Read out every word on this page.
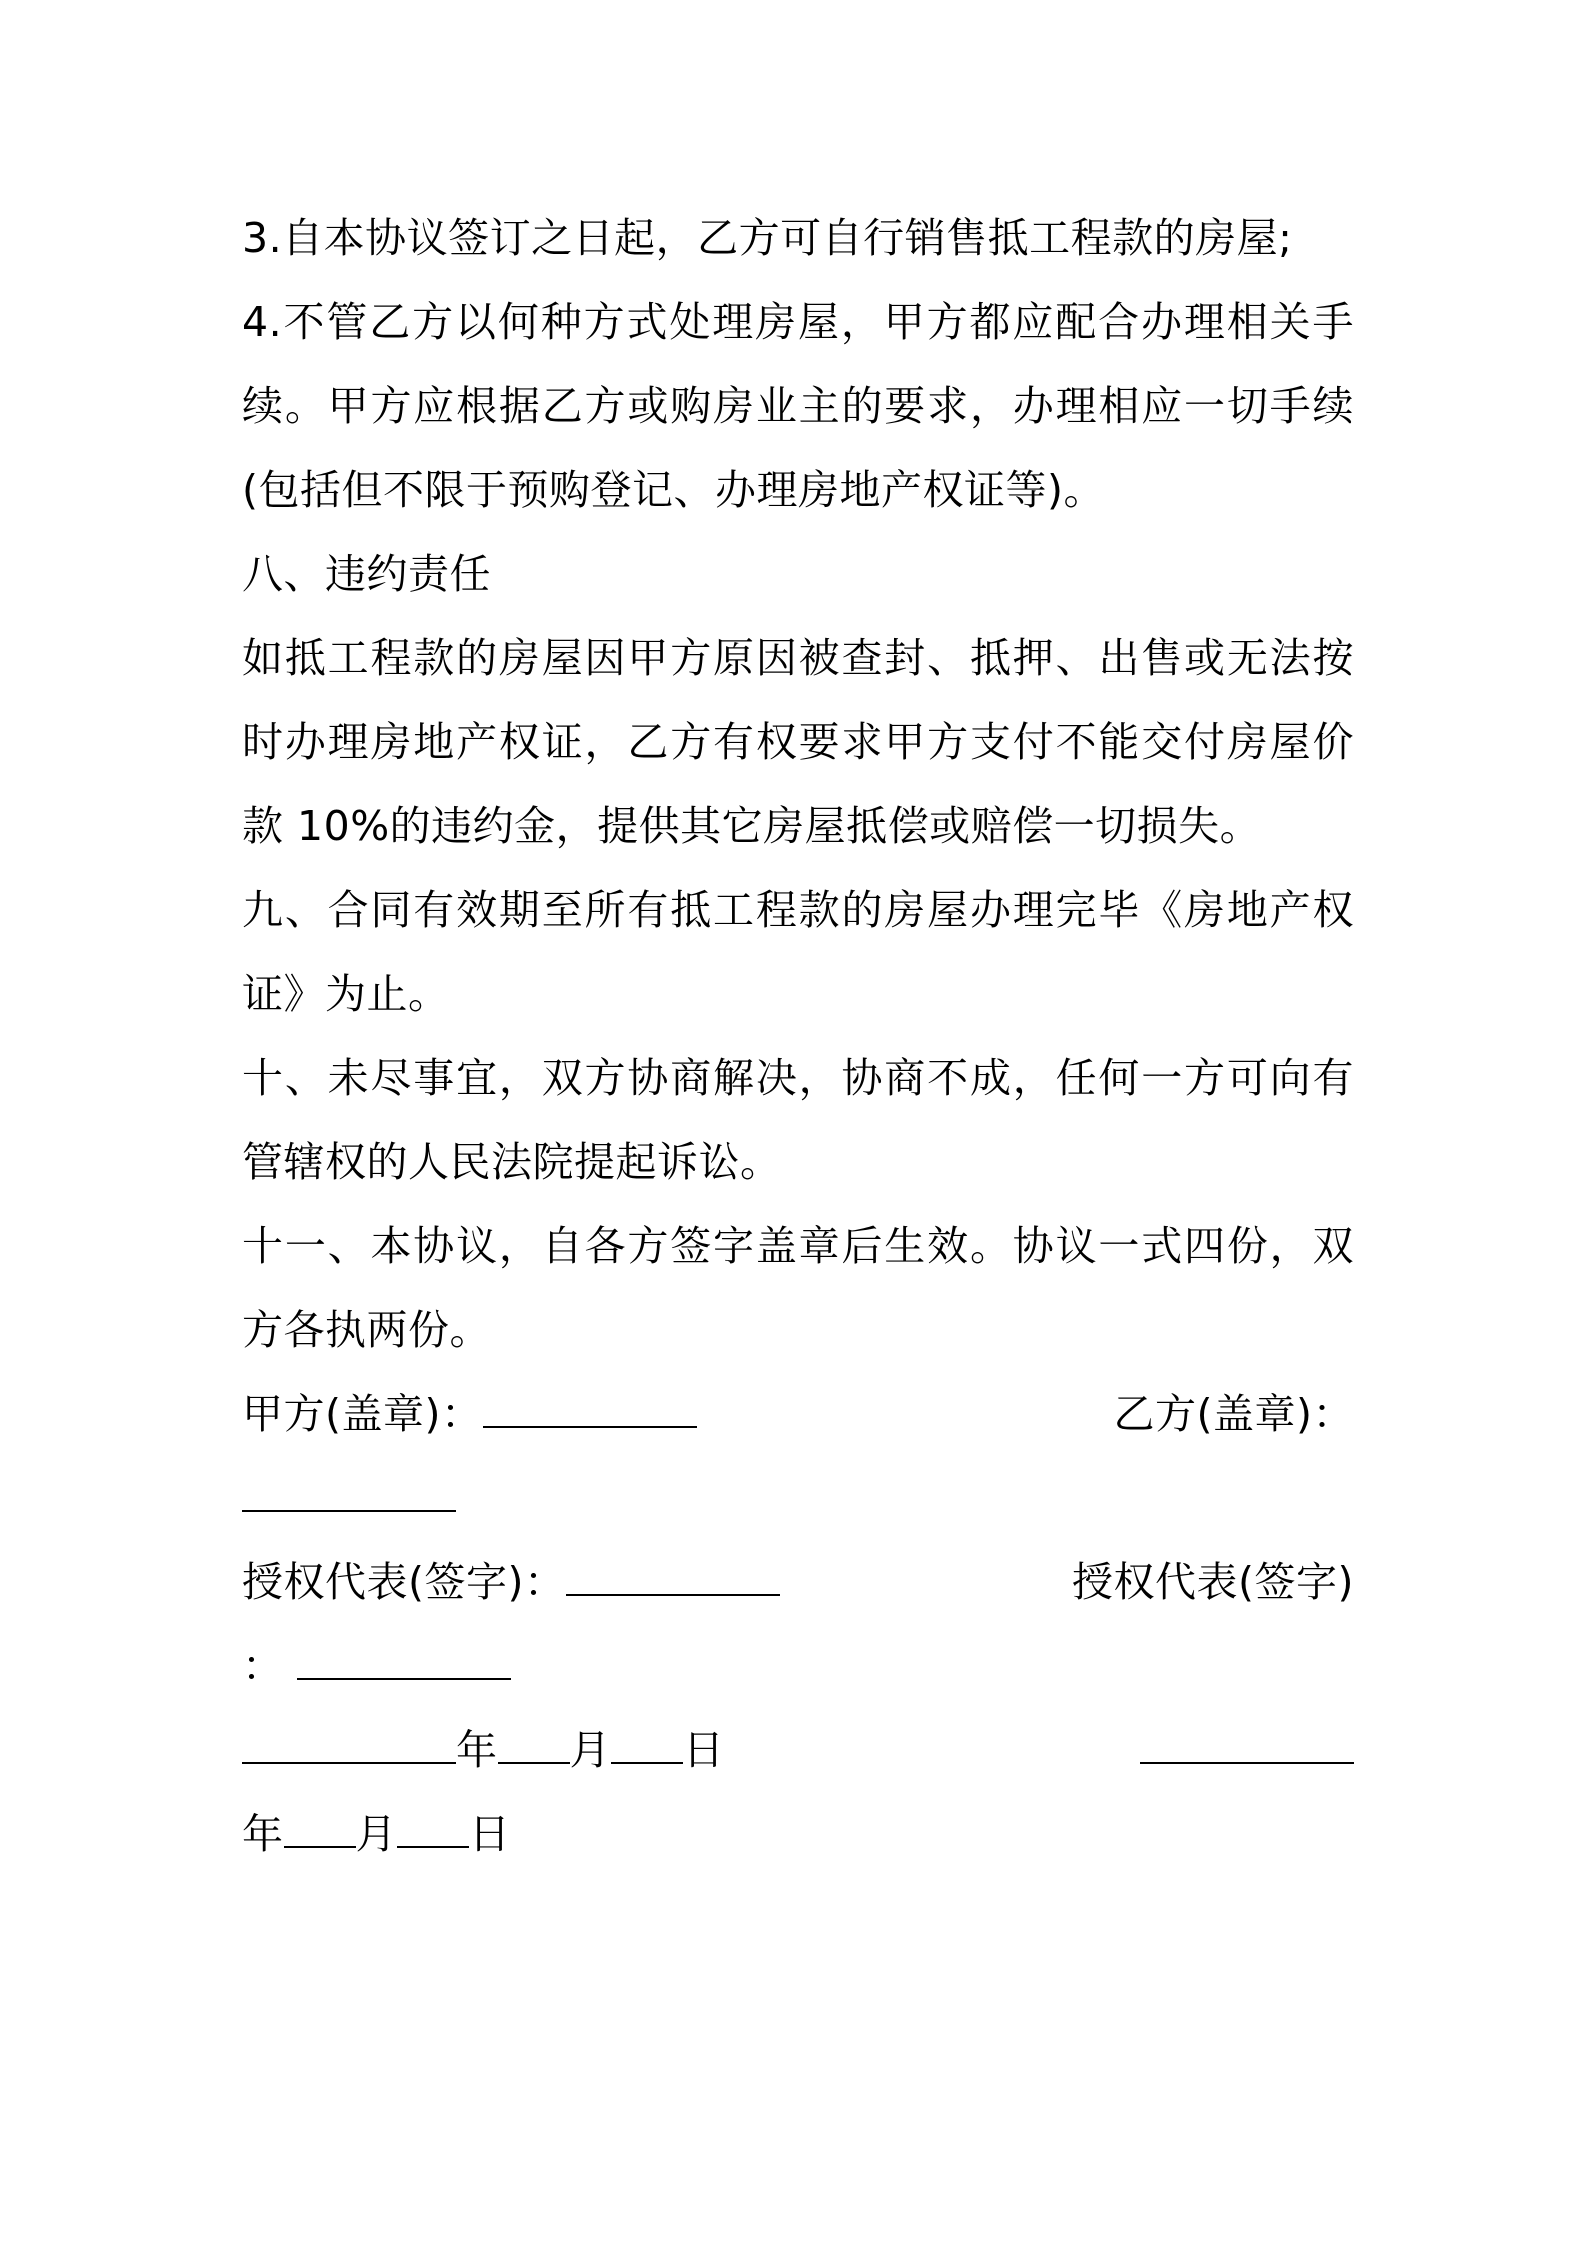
3.自本协议签订之日起，乙方可自行销售抵工程款的房屋;
4.不管乙方以何种方式处理房屋，甲方都应配合办理相关手
续。甲方应根据乙方或购房业主的要求，办理相应一切手续
(包括但不限于预购登记、办理房地产权证等)。
八、违约责任
如抵工程款的房屋因甲方原因被查封、抵押、出售或无法按
时办理房地产权证，乙方有权要求甲方支付不能交付房屋价
款 10%的违约金，提供其它房屋抵偿或赔偿一切损失。
九、合同有效期至所有抵工程款的房屋办理完毕《房地产权
证》为止。
十、未尽事宜，双方协商解决，协商不成，任何一方可向有
管辖权的人民法院提起诉讼。
十一、本协议，自各方签字盖章后生效。协议一式四份，双
方各执两份。
甲方(盖章)：	乙方(盖章)：
授权代表(签字)：	授权代表(签字)
：
年 月 日
年 月 日
